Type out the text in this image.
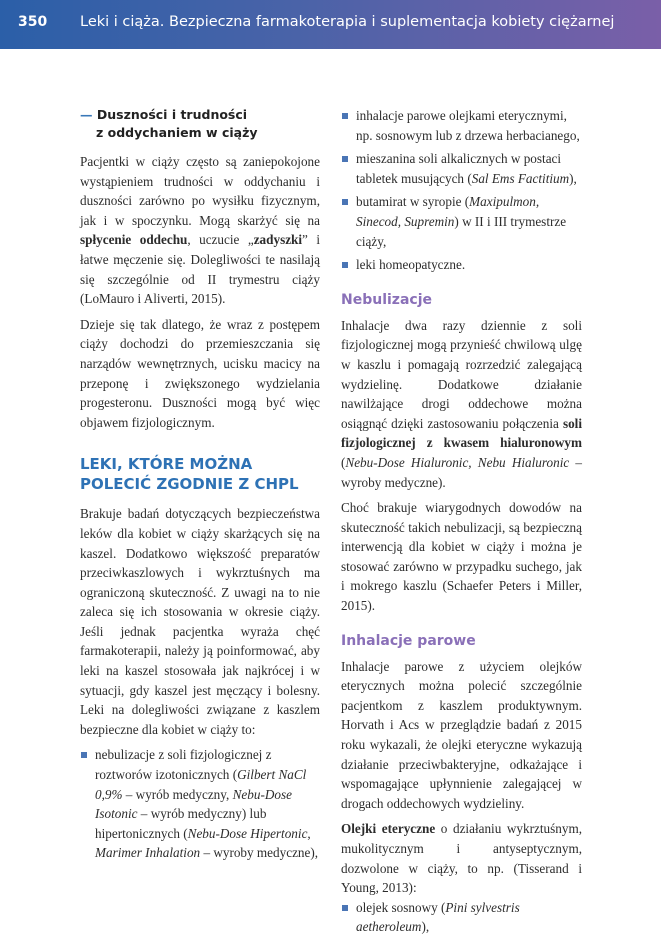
350 Leki i ciąża. Bezpieczna farmakoterapia i suplementacja kobiety ciężarnej
— Duszności i trudności
z oddychaniem w ciąży

Pacjentki w ciąży często są zaniepokojone wystąpieniem trudności w oddychaniu i duszności zarówno po wysiłku fizycznym, jak i w spoczynku. Mogą skarżyć się na spłycenie oddechu, uczucie „zadyszki” i łatwe męczenie się. Dolegliwości te nasilają się szczególnie od II trymestru ciąży (LoMauro i Aliverti, 2015).

Dzieje się tak dlatego, że wraz z postępem ciąży dochodzi do przemieszczania się narządów wewnętrznych, ucisku macicy na przeponę i zwiększonego wydzielania progesteronu. Duszności mogą być więc objawem fizjologicznym.

LEKI, KTÓRE MOŻNA POLECIĆ ZGODNIE Z CHPL

Brakuje badań dotyczących bezpieczeństwa leków dla kobiet w ciąży skarżących się na kaszel. Dodatkowo większość preparatów przeciwkaszlowych i wykrztuśnych ma ograniczoną skuteczność. Z uwagi na to nie zaleca się ich stosowania w okresie ciąży. Jeśli jednak pacjentka wyraża chęć farmakoterapii, należy ją poinformować, aby leki na kaszel stosowała jak najkrócej i w sytuacji, gdy kaszel jest męczący i bolesny. Leki na dolegliwości związane z kaszlem bezpieczne dla kobiet w ciąży to:

nebulizacje z soli fizjologicznej z roztworów izotonicznych (Gilbert NaCl 0,9% – wyrób medyczny, Nebu-Dose Isotonic – wyrób medyczny) lub hipertonicznych (Nebu-Dose Hipertonic, Marimer Inhalation – wyroby medyczne),
inhalacje parowe olejkami eterycznymi, np. sosnowym lub z drzewa herbacianego,
mieszanina soli alkalicznych w postaci tabletek musujących (Sal Ems Factitium),
butamirat w syropie (Maxipulmon, Sinecod, Supremin) w II i III trymestrze ciąży,
leki homeopatyczne.
Nebulizacje

Inhalacje dwa razy dziennie z soli fizjologicznej mogą przynieść chwilową ulgę w kaszlu i pomagają rozrzedzić zalegającą wydzielinę. Dodatkowe działanie nawilżające drogi oddechowe można osiągnąć dzięki zastosowaniu połączenia soli fizjologicznej z kwasem hialuronowym (Nebu-Dose Hialuronic, Nebu Hialuronic – wyroby medyczne).

Choć brakuje wiarygodnych dowodów na skuteczność takich nebulizacji, są bezpieczną interwencją dla kobiet w ciąży i można je stosować zarówno w przypadku suchego, jak i mokrego kaszlu (Schaefer Peters i Miller, 2015).

Inhalacje parowe

Inhalacje parowe z użyciem olejków eterycznych można polecić szczególnie pacjentkom z kaszlem produktywnym. Horvath i Acs w przeglądzie badań z 2015 roku wykazali, że olejki eteryczne wykazują działanie przeciwbakteryjne, odkażające i wspomagające upłynnienie zalegającej w drogach oddechowych wydzieliny.

Olejki eteryczne o działaniu wykrztuśnym, mukolitycznym i antyseptycznym, dozwolone w ciąży, to np. (Tisserand i Young, 2013):

olejek sosnowy (Pini sylvestris aetheroleum),
